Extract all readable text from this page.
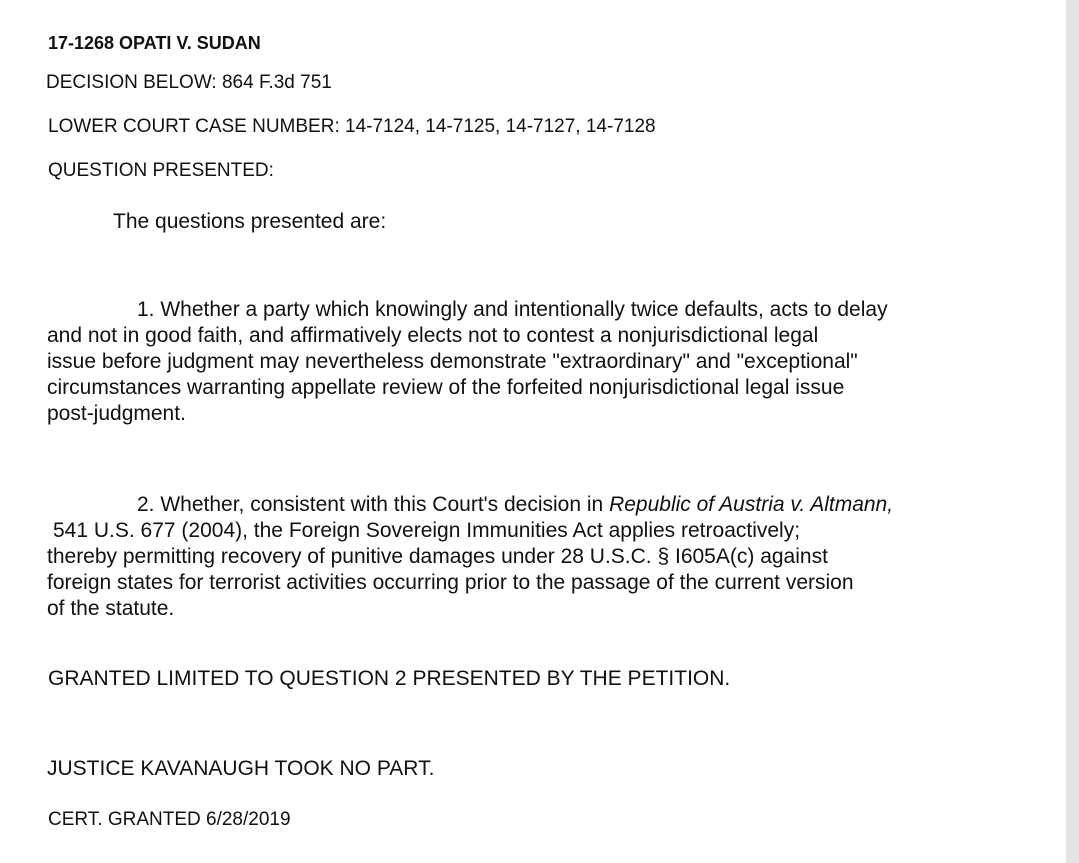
17-1268 OPATI V. SUDAN

DECISION BELOW: 864 F.3d 751

LOWER COURT CASE NUMBER: 14-7124, 14-7125, 14-7127, 14-7128

QUESTION PRESENTED:

The questions presented are:

1. Whether a party which knowingly and intentionally twice defaults, acts to delay
and not in good faith, and affirmatively elects not to contest a nonjurisdictional legal
issue before judgment may nevertheless demonstrate "extraordinary" and "exceptional"
circumstances warranting appellate review of the forfeited nonjurisdictional legal issue
post-judgment.
2. Whether, consistent with this Court's decision in Republic of Austria v. Altmann,
541 U.S. 677 (2004), the Foreign Sovereign Immunities Act applies retroactively;
thereby permitting recovery of punitive damages under 28 U.S.C. § I605A(c) against
foreign states for terrorist activities occurring prior to the passage of the current version
of the statute.

GRANTED LIMITED TO QUESTION 2 PRESENTED BY THE PETITION.

JUSTICE KAVANAUGH TOOK NO PART.

CERT. GRANTED 6/28/2019
